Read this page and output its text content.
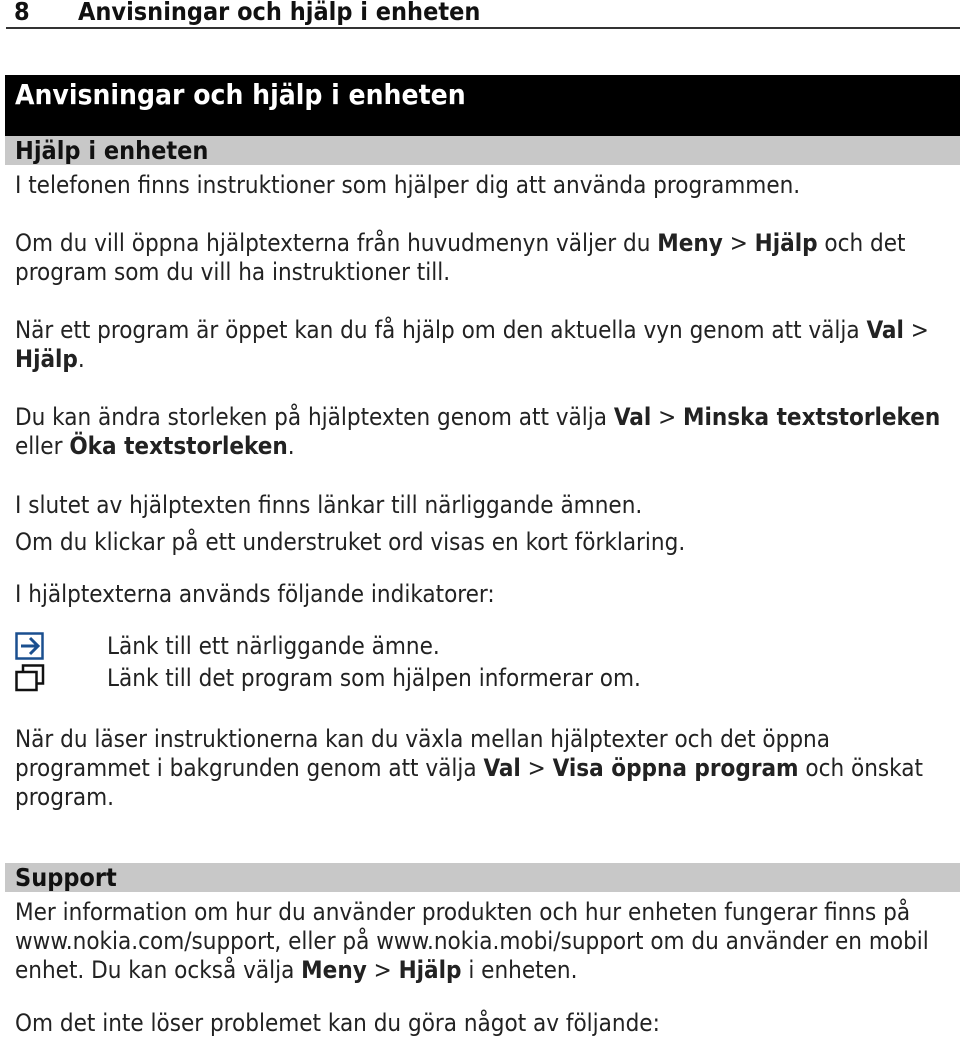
8	Anvisningar och hjälp i enheten
Anvisningar och hjälp i enheten
Hjälp i enheten
I telefonen finns instruktioner som hjälper dig att använda programmen.
Om du vill öppna hjälptexterna från huvudmenyn väljer du Meny > Hjälp och det program som du vill ha instruktioner till.
När ett program är öppet kan du få hjälp om den aktuella vyn genom att välja Val > Hjälp.
Du kan ändra storleken på hjälptexten genom att välja Val > Minska textstorleken eller Öka textstorleken.
I slutet av hjälptexten finns länkar till närliggande ämnen.
Om du klickar på ett understruket ord visas en kort förklaring.
I hjälptexterna används följande indikatorer:
Länk till ett närliggande ämne.
Länk till det program som hjälpen informerar om.
När du läser instruktionerna kan du växla mellan hjälptexter och det öppna programmet i bakgrunden genom att välja Val > Visa öppna program och önskat program.
Support
Mer information om hur du använder produkten och hur enheten fungerar finns på www.nokia.com/support, eller på www.nokia.mobi/support om du använder en mobil enhet. Du kan också välja Meny > Hjälp i enheten.
Om det inte löser problemet kan du göra något av följande:
